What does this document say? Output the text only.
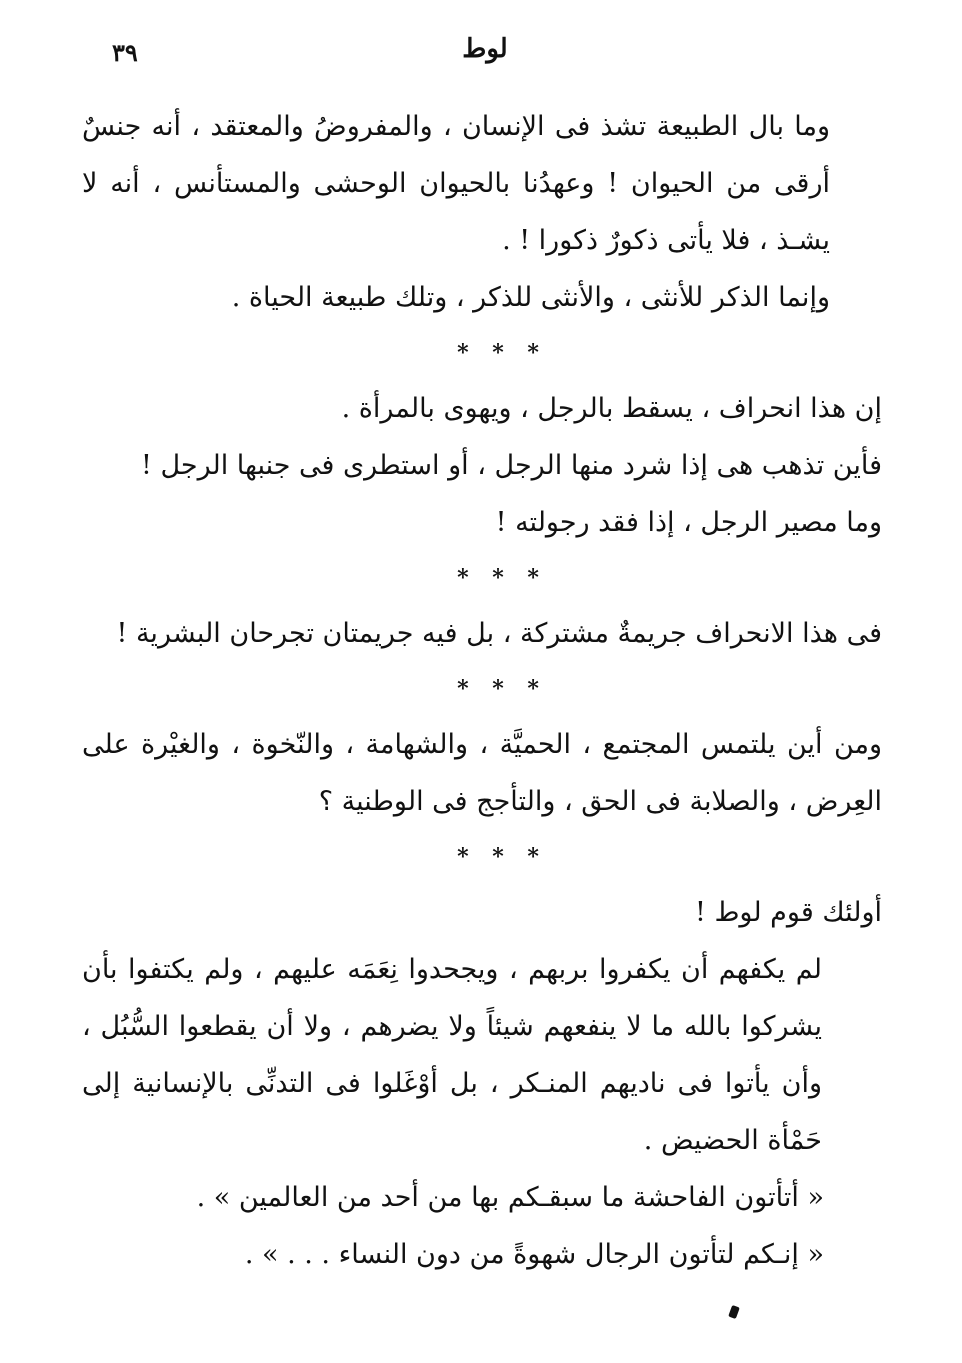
٣٩	لوط

وما بال الطبيعة تشذ فى الإنسان ، والمفروضُ والمعتقد ، أنه جنسٌ أرقى من الحيوان ! وعهدُنا بالحيوان الوحشى والمستأنس ، أنه لا يشـذ ، فلا يأتى ذكورٌ ذكورا ! .

وإنما الذكر للأنثى ، والأنثى للذكر ، وتلك طبيعة الحياة .

* * *

إن هذا انحراف ، يسقط بالرجل ، ويهوى بالمرأة .

فأين تذهب هى إذا شرد منها الرجل ، أو استطرى فى جنبها الرجل !

وما مصير الرجل ، إذا فقد رجولته !

* * *

فى هذا الانحراف جريمةٌ مشتركة ، بل فيه جريمتان تجرحان البشرية !

* * *

ومن أين يلتمس المجتمع ، الحميَّة ، والشهامة ، والنّخوة ، والغيْرة على العِرض ، والصلابة فى الحق ، والتأجج فى الوطنية ؟

* * *

أولئك قوم لوط !

لم يكفهم أن يكفروا بربهم ، ويجحدوا نِعَمَه عليهم ، ولم يكتفوا بأن يشركوا بالله ما لا ينفعهم شيئاً ولا يضرهم ، ولا أن يقطعوا السُّبُل ، وأن يأتوا فى ناديهم المنـكر ، بل أوْغَلوا فى التدنِّى بالإنسانية إلى حَمْأة الحضيض .

« أتأتون الفاحشة ما سبقـكم بها من أحد من العالمين » .

« إنـكم لتأتون الرجال شهوةً من دون النساء . . . » .
